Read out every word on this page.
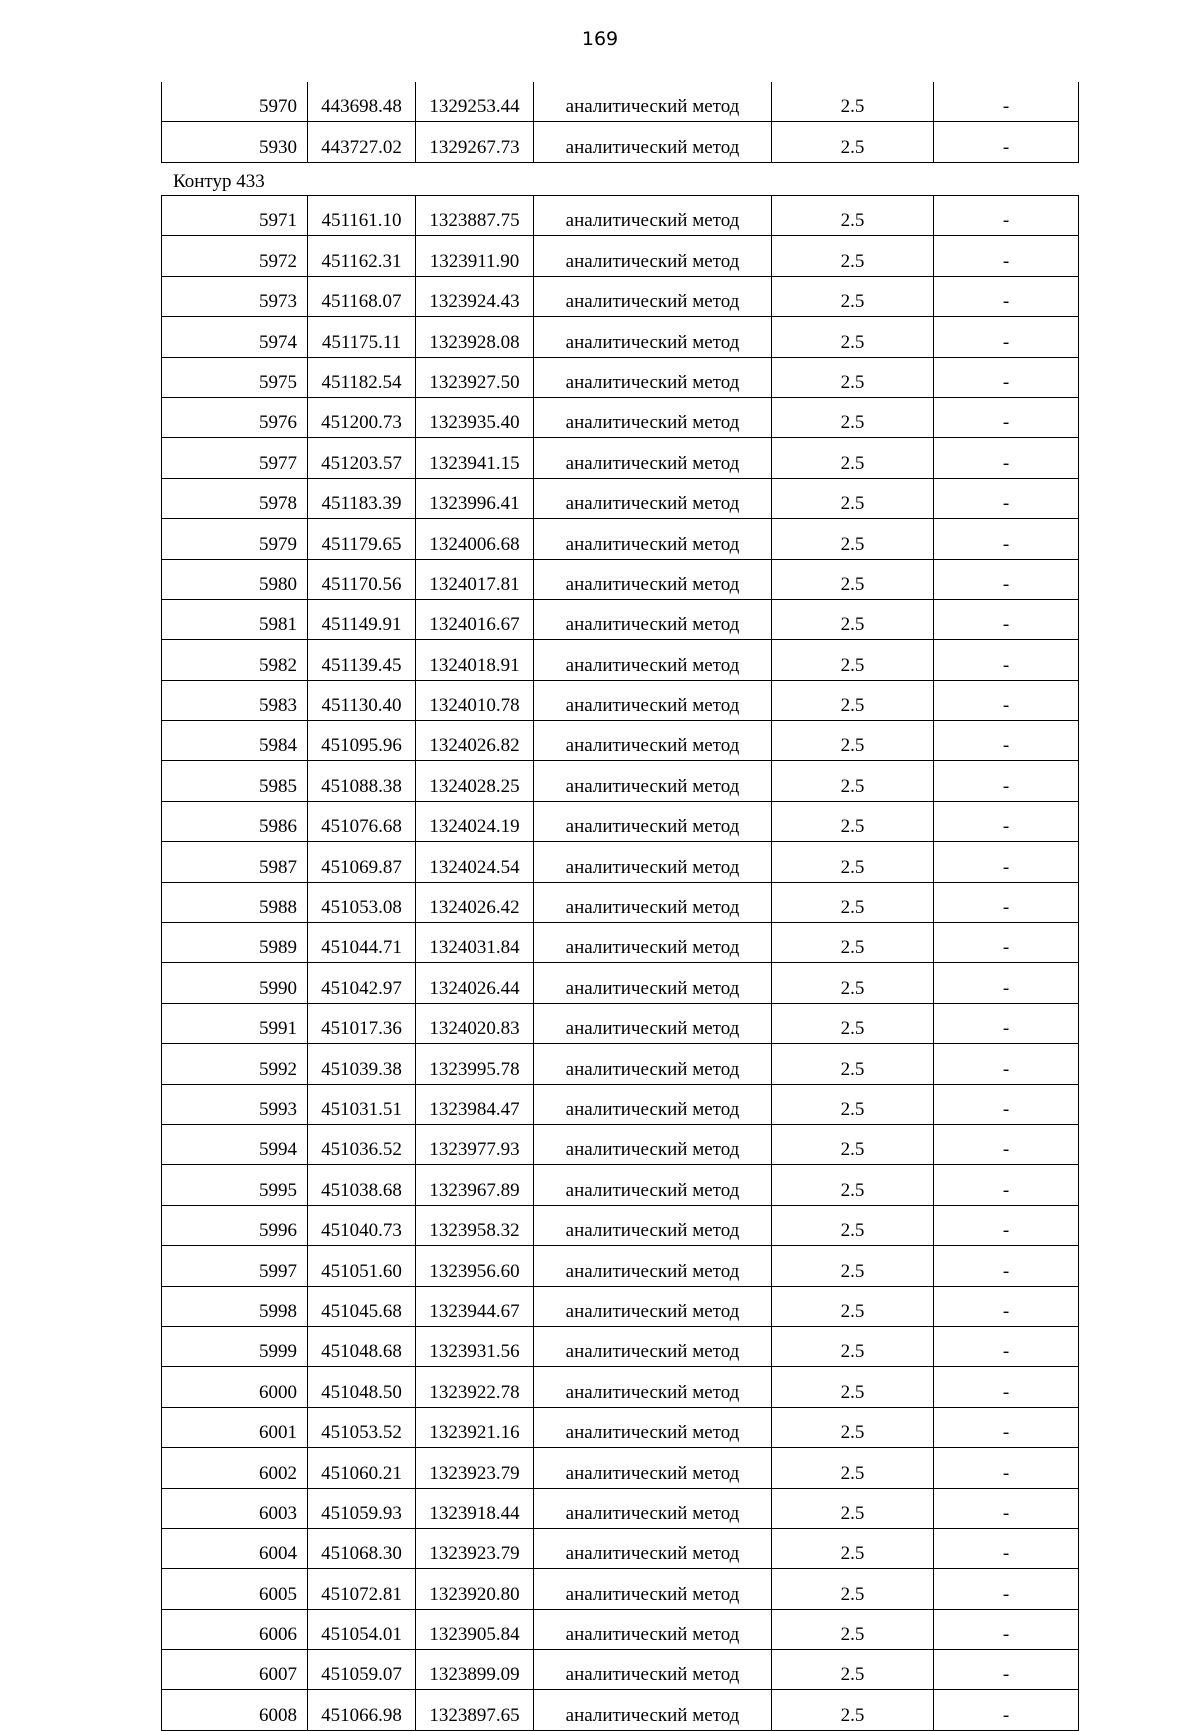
169
5970	443698.48	1329253.44	аналитический метод	2.5	-
5930	443727.02	1329267.73	аналитический метод	2.5	-
Контур 433
5971	451161.10	1323887.75	аналитический метод	2.5	-
5972	451162.31	1323911.90	аналитический метод	2.5	-
5973	451168.07	1323924.43	аналитический метод	2.5	-
5974	451175.11	1323928.08	аналитический метод	2.5	-
5975	451182.54	1323927.50	аналитический метод	2.5	-
5976	451200.73	1323935.40	аналитический метод	2.5	-
5977	451203.57	1323941.15	аналитический метод	2.5	-
5978	451183.39	1323996.41	аналитический метод	2.5	-
5979	451179.65	1324006.68	аналитический метод	2.5	-
5980	451170.56	1324017.81	аналитический метод	2.5	-
5981	451149.91	1324016.67	аналитический метод	2.5	-
5982	451139.45	1324018.91	аналитический метод	2.5	-
5983	451130.40	1324010.78	аналитический метод	2.5	-
5984	451095.96	1324026.82	аналитический метод	2.5	-
5985	451088.38	1324028.25	аналитический метод	2.5	-
5986	451076.68	1324024.19	аналитический метод	2.5	-
5987	451069.87	1324024.54	аналитический метод	2.5	-
5988	451053.08	1324026.42	аналитический метод	2.5	-
5989	451044.71	1324031.84	аналитический метод	2.5	-
5990	451042.97	1324026.44	аналитический метод	2.5	-
5991	451017.36	1324020.83	аналитический метод	2.5	-
5992	451039.38	1323995.78	аналитический метод	2.5	-
5993	451031.51	1323984.47	аналитический метод	2.5	-
5994	451036.52	1323977.93	аналитический метод	2.5	-
5995	451038.68	1323967.89	аналитический метод	2.5	-
5996	451040.73	1323958.32	аналитический метод	2.5	-
5997	451051.60	1323956.60	аналитический метод	2.5	-
5998	451045.68	1323944.67	аналитический метод	2.5	-
5999	451048.68	1323931.56	аналитический метод	2.5	-
6000	451048.50	1323922.78	аналитический метод	2.5	-
6001	451053.52	1323921.16	аналитический метод	2.5	-
6002	451060.21	1323923.79	аналитический метод	2.5	-
6003	451059.93	1323918.44	аналитический метод	2.5	-
6004	451068.30	1323923.79	аналитический метод	2.5	-
6005	451072.81	1323920.80	аналитический метод	2.5	-
6006	451054.01	1323905.84	аналитический метод	2.5	-
6007	451059.07	1323899.09	аналитический метод	2.5	-
6008	451066.98	1323897.65	аналитический метод	2.5	-
